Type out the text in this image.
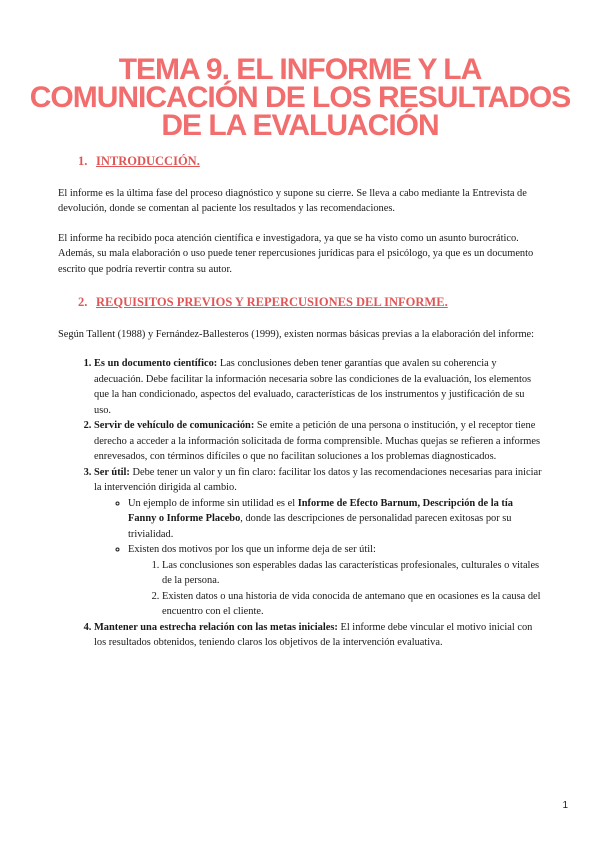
TEMA 9. EL INFORME Y LA
COMUNICACIÓN DE LOS RESULTADOS
DE LA EVALUACIÓN
1. INTRODUCCIÓN.

El informe es la última fase del proceso diagnóstico y supone su cierre. Se lleva a cabo mediante la Entrevista de devolución, donde se comentan al paciente los resultados y las recomendaciones.

El informe ha recibido poca atención científica e investigadora, ya que se ha visto como un asunto burocrático. Además, su mala elaboración o uso puede tener repercusiones jurídicas para el psicólogo, ya que es un documento escrito que podría revertir contra su autor.

2. REQUISITOS PREVIOS Y REPERCUSIONES DEL INFORME.

Según Tallent (1988) y Fernández-Ballesteros (1999), existen normas básicas previas a la elaboración del informe:

1. Es un documento científico: Las conclusiones deben tener garantías que avalen su coherencia y adecuación. Debe facilitar la información necesaria sobre las condiciones de la evaluación, los elementos que la han condicionado, aspectos del evaluado, características de los instrumentos y justificación de su uso.
2. Servir de vehículo de comunicación: Se emite a petición de una persona o institución, y el receptor tiene derecho a acceder a la información solicitada de forma comprensible. Muchas quejas se refieren a informes enrevesados, con términos difíciles o que no facilitan soluciones a los problemas diagnosticados.
3. Ser útil: Debe tener un valor y un fin claro: facilitar los datos y las recomendaciones necesarias para iniciar la intervención dirigida al cambio.
◦ Un ejemplo de informe sin utilidad es el Informe de Efecto Barnum, Descripción de la tía Fanny o Informe Placebo, donde las descripciones de personalidad parecen exitosas por su trivialidad.
◦ Existen dos motivos por los que un informe deja de ser útil:
1. Las conclusiones son esperables dadas las características profesionales, culturales o vitales de la persona.
2. Existen datos o una historia de vida conocida de antemano que en ocasiones es la causa del encuentro con el cliente.
4. Mantener una estrecha relación con las metas iniciales: El informe debe vincular el motivo inicial con los resultados obtenidos, teniendo claros los objetivos de la intervención evaluativa.
1
